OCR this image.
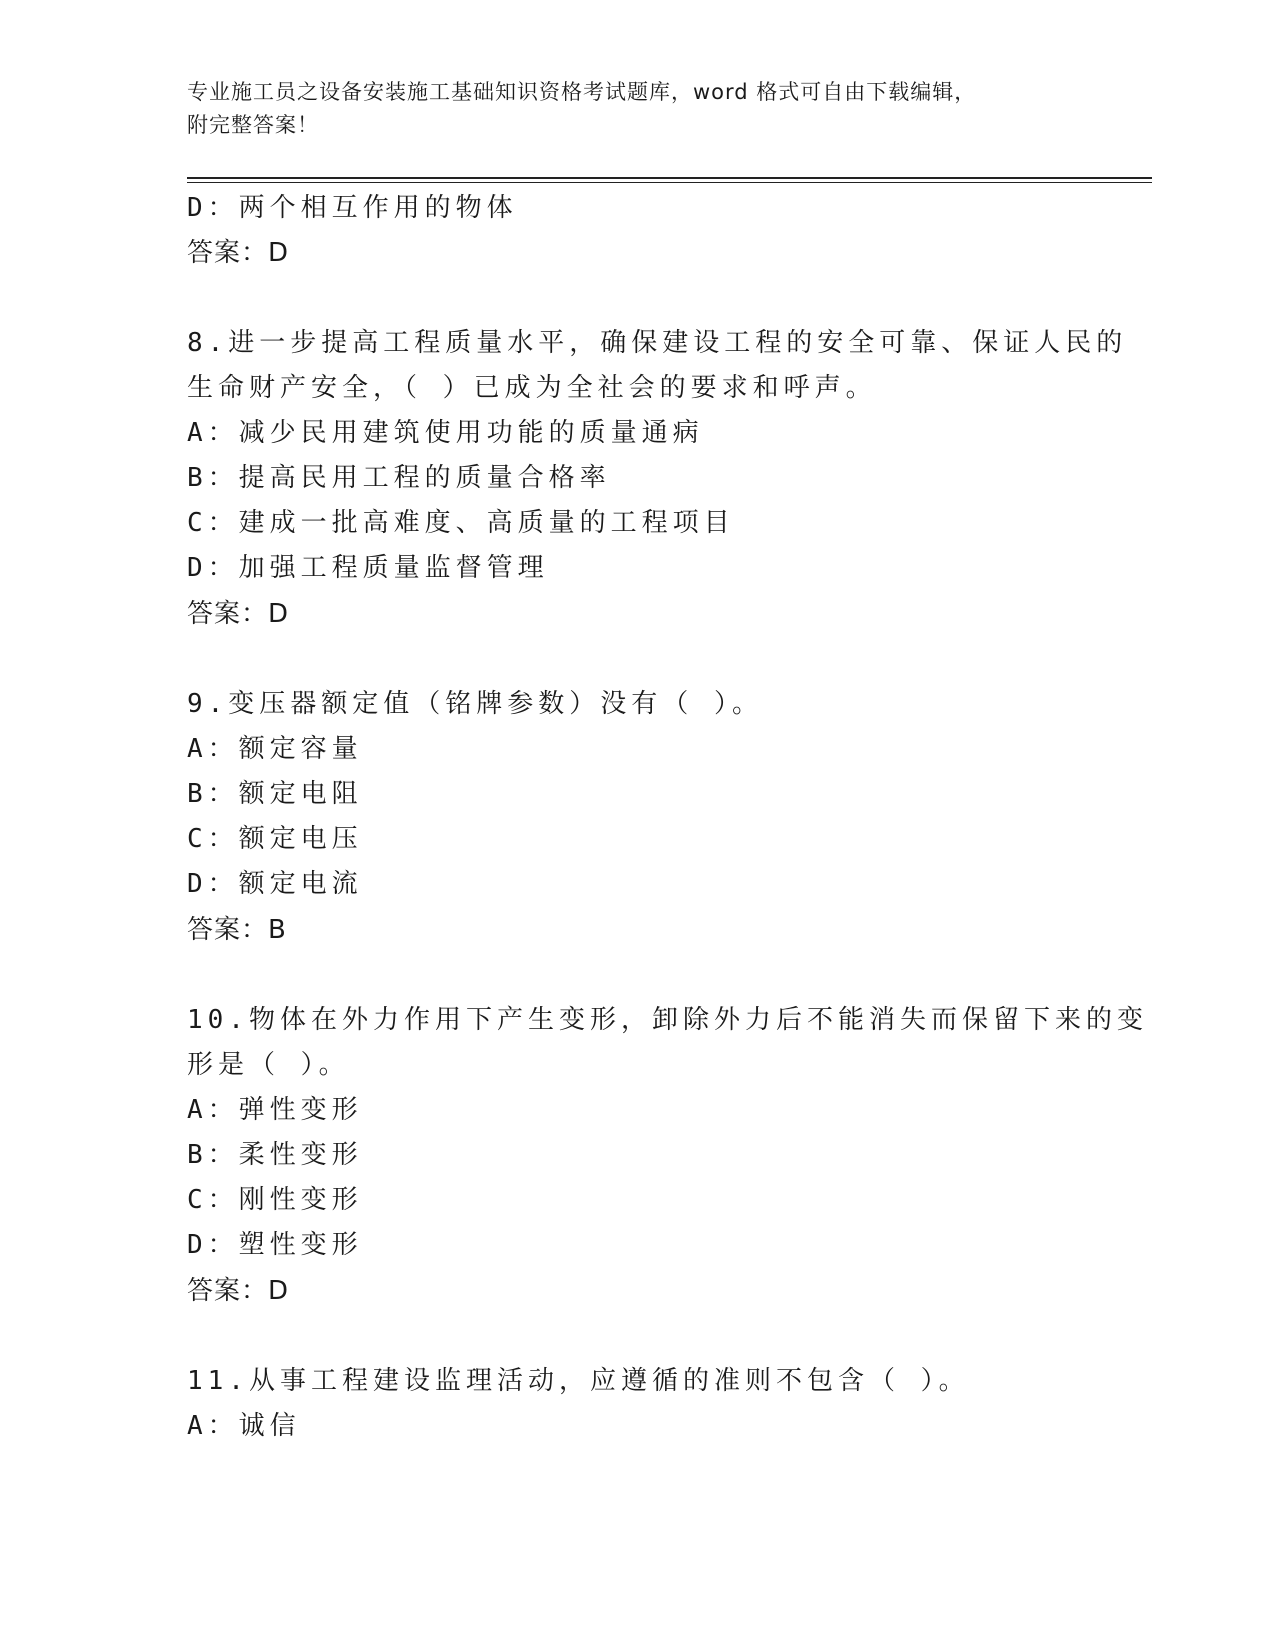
专业施工员之设备安装施工基础知识资格考试题库，word 格式可自由下载编辑，
附完整答案！
D：两个相互作用的物体
答案：D
8.进一步提高工程质量水平，确保建设工程的安全可靠、保证人民的
生命财产安全，（ ）已成为全社会的要求和呼声。
A：减少民用建筑使用功能的质量通病
B：提高民用工程的质量合格率
C：建成一批高难度、高质量的工程项目
D：加强工程质量监督管理
答案：D
9.变压器额定值（铭牌参数）没有（ ）。
A：额定容量
B：额定电阻
C：额定电压
D：额定电流
答案：B
10.物体在外力作用下产生变形，卸除外力后不能消失而保留下来的变
形是（ ）。
A：弹性变形
B：柔性变形
C：刚性变形
D：塑性变形
答案：D
11.从事工程建设监理活动，应遵循的准则不包含（ ）。
A：诚信
